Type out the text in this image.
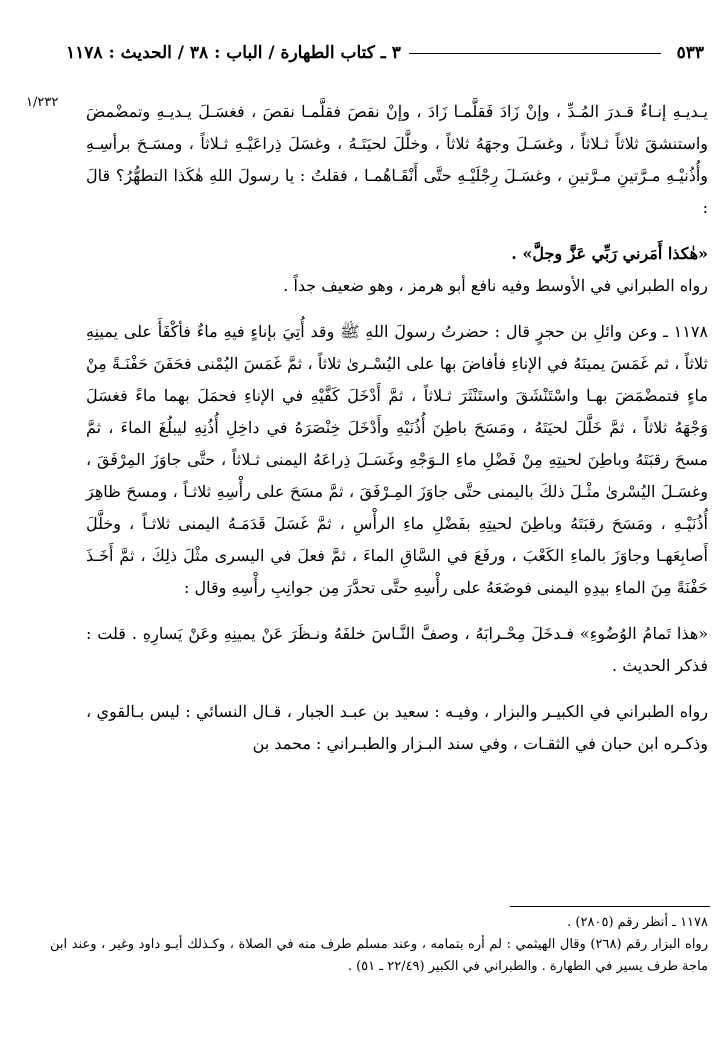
٥٣٣
٣ ـ كتاب الطهارة / الباب : ٣٨ / الحديث : ١١٧٨
١/٢٣٢ يـديـهِ إنـاءٌ قـدرَ المُـدِّ ، وإنْ زَادَ فَقلَّمـا زَادَ ، وإنْ نقصَ فقلَّمـا نقصَ ، فغسَـلَ يـديـهِ وتمضْمضَ واستنشقَ ثلاثاً ثـلاثاً ، وغسَـلَ وجهَهُ ثلاثاً ، وخلَّلَ لحيَتَـهُ ، وغسَلَ ذِراعَيْـهِ ثـلاثاً ، ومسَـحَ برأسِـهِ وأُذُنيْـهِ مـرَّتينِ مـرَّتينِ ، وغسَـلَ رِجْلَيْـهِ حتَّى أَنْقَـاهُمـا ، فقلتُ : يا رسولَ اللهِ هٰكَذا التطهُّرُ؟ قالَ :

«هٰكذا أَمَرني رَبِّي عَزَّ وجلَّ» .

رواه الطبراني في الأوسط وفيه نافع أبو هرمز ، وهو ضعيف جداً .

١١٧٨ ـ وعن وائلِ بن حجرٍ قال : حضرتُ رسولَ اللهِ ﷺ وقد أُتِيَ بإناءٍ فيهِ ماءٌ فأكْفَأَ على يمينِهِ ثلاثاً ، ثم غَمَسَ يمينَهُ في الإناءِ فأفاضَ بها على اليُسْـرىٰ ثلاثاً ، ثمَّ غَمَسَ اليُمْنى فحَفَنَ حَفْنَـةً مِنْ ماءٍ فتمضْمَضَ بهـا واسْتَنْشَقَ واستَنْثَرَ ثـلاثاً ، ثمَّ أَدْخَلَ كَفَّيْهِ في الإناءِ فحمَلَ بهما ماءً فغسَلَ وَجْهَهُ ثلاثاً ، ثمَّ خَلَّلَ لحيَتَهُ ، ومَسَحَ باطِنَ أُذُنَيْهِ وأَدْخَلَ خِنْصَرَهُ في داخِلِ أُذُنِهِ ليبلُغَ الماءَ ، ثمَّ مسحَ رقبَتَهُ وباطِنَ لحيتِهِ مِنْ فَضْلِ ماءِ الـوَجْهِ وغَسَـلَ ذِراعَهُ اليمنى ثـلاثاً ، حتَّى جاوَزَ المِرْفَقَ ، وغسَـلَ اليُسْرىٰ مثْـلَ ذلكَ باليمنى حتَّى جاوَزَ المِـرْفَقَ ، ثمَّ مسَحَ على رأْسِهِ ثلاثـاً ، ومسحَ ظاهِرَ أُذُنَيْـهِ ، ومَسَحَ رقبَتَهُ وباطِنَ لحيتِهِ بفَضْلِ ماءِ الرأْسِ ، ثمَّ غَسَلَ قَدَمَـهُ اليمنى ثلاثـاً ، وخلَّلَ أَصابِعَهـا وجاوَزَ بالماءِ الكَعْبَ ، ورفَعَ في السَّاقِ الماءَ ، ثمَّ فعلَ في اليسرى مثْلَ ذلِكَ ، ثمَّ أَخَـذَ حَفْنَةً مِنَ الماءِ بيدِهِ اليمنى فوضَعَهُ على رأْسِهِ حتَّى تحدَّرَ مِن جوانِبِ رأْسِهِ وقال :

«هذا تَمامُ الوُضُوءِ» فـدخَلَ مِحْـرابَهُ ، وصفَّ النَّـاسَ خلفَهُ ونـظَرَ عَنْ يمينِهِ وعَنْ يَسارِهِ . قلت : فذكر الحديث .

رواه الطبراني في الكبيـر والبزار ، وفيـه : سعيد بن عبـد الجبار ، قـال النسائي : ليس بـالقوي ، وذكـره ابن حبان في الثقـات ، وفي سند البـزار والطبـراني : محمد بن

١١٧٨ ـ أنظر رقم (٢٨٠٥) .

رواه البزار رقم (٢٦٨) وقال الهيثمي : لم أره بتمامه ، وعند مسلم طرف منه في الصلاة ، وكـذلك أبـو داود وغير ، وعند ابن ماجة طرف يسير في الطهارة . والطبراني في الكبير (٢٢/٤٩ ـ ٥١) .
